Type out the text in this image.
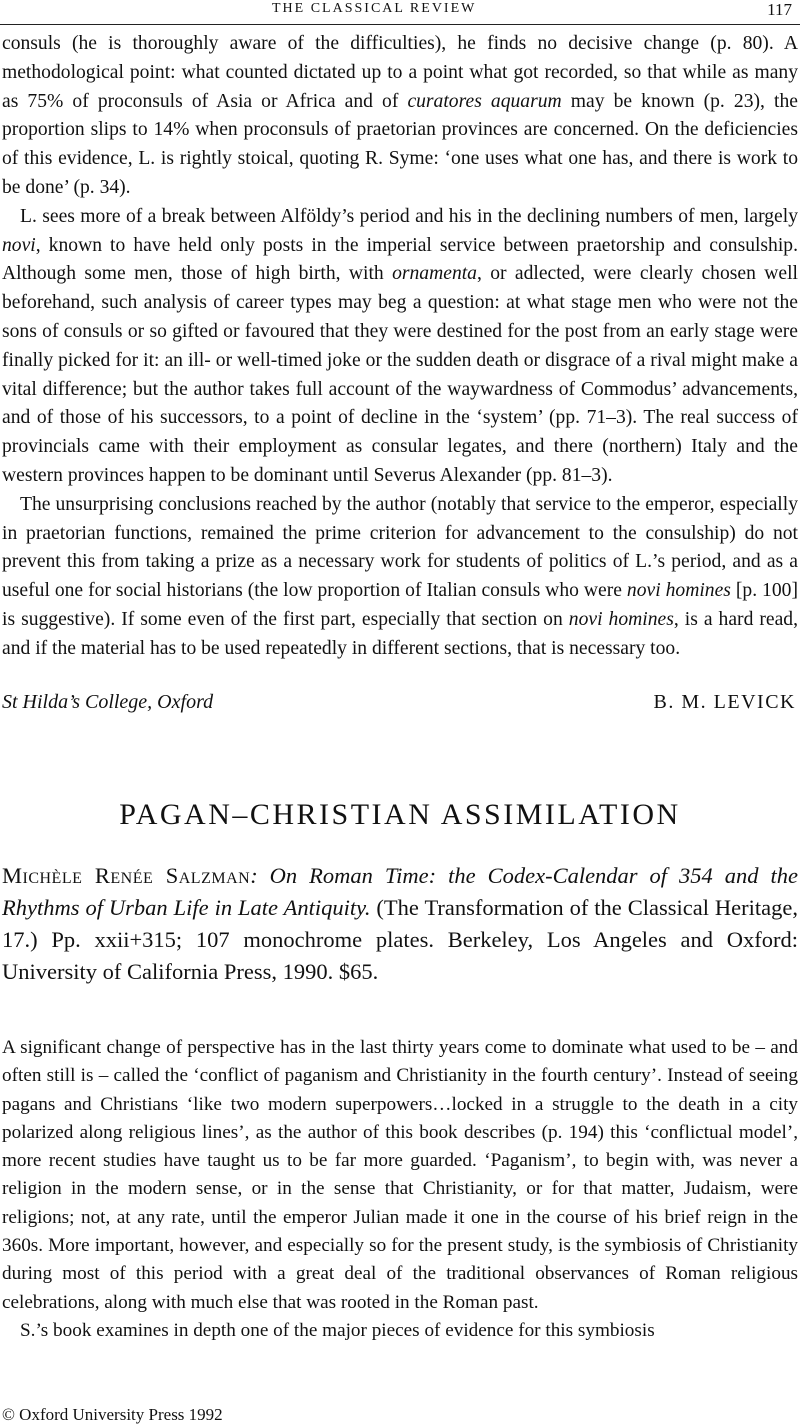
THE CLASSICAL REVIEW	117

consuls (he is thoroughly aware of the difficulties), he finds no decisive change (p. 80). A methodological point: what counted dictated up to a point what got recorded, so that while as many as 75% of proconsuls of Asia or Africa and of curatores aquarum may be known (p. 23), the proportion slips to 14% when proconsuls of praetorian provinces are concerned. On the deficiencies of this evidence, L. is rightly stoical, quoting R. Syme: ‘one uses what one has, and there is work to be done’ (p. 34).

L. sees more of a break between Alföldy’s period and his in the declining numbers of men, largely novi, known to have held only posts in the imperial service between praetorship and consulship. Although some men, those of high birth, with ornamenta, or adlected, were clearly chosen well beforehand, such analysis of career types may beg a question: at what stage men who were not the sons of consuls or so gifted or favoured that they were destined for the post from an early stage were finally picked for it: an ill- or well-timed joke or the sudden death or disgrace of a rival might make a vital difference; but the author takes full account of the waywardness of Commodus’ advancements, and of those of his successors, to a point of decline in the ‘system’ (pp. 71–3). The real success of provincials came with their employment as consular legates, and there (northern) Italy and the western provinces happen to be dominant until Severus Alexander (pp. 81–3).

The unsurprising conclusions reached by the author (notably that service to the emperor, especially in praetorian functions, remained the prime criterion for advancement to the consulship) do not prevent this from taking a prize as a necessary work for students of politics of L.’s period, and as a useful one for social historians (the low proportion of Italian consuls who were novi homines [p. 100] is suggestive). If some even of the first part, especially that section on novi homines, is a hard read, and if the material has to be used repeatedly in different sections, that is necessary too.

St Hilda’s College, Oxford	B. M. LEVICK
PAGAN–CHRISTIAN ASSIMILATION
Michèle Renée Salzman: On Roman Time: the Codex-Calendar of 354 and the Rhythms of Urban Life in Late Antiquity. (The Transformation of the Classical Heritage, 17.) Pp. xxii+315; 107 monochrome plates. Berkeley, Los Angeles and Oxford: University of California Press, 1990. $65.

A significant change of perspective has in the last thirty years come to dominate what used to be – and often still is – called the ‘conflict of paganism and Christianity in the fourth century’. Instead of seeing pagans and Christians ‘like two modern superpowers…locked in a struggle to the death in a city polarized along religious lines’, as the author of this book describes (p. 194) this ‘conflictual model’, more recent studies have taught us to be far more guarded. ‘Paganism’, to begin with, was never a religion in the modern sense, or in the sense that Christianity, or for that matter, Judaism, were religions; not, at any rate, until the emperor Julian made it one in the course of his brief reign in the 360s. More important, however, and especially so for the present study, is the symbiosis of Christianity during most of this period with a great deal of the traditional observances of Roman religious celebrations, along with much else that was rooted in the Roman past.

S.’s book examines in depth one of the major pieces of evidence for this symbiosis

© Oxford University Press 1992
